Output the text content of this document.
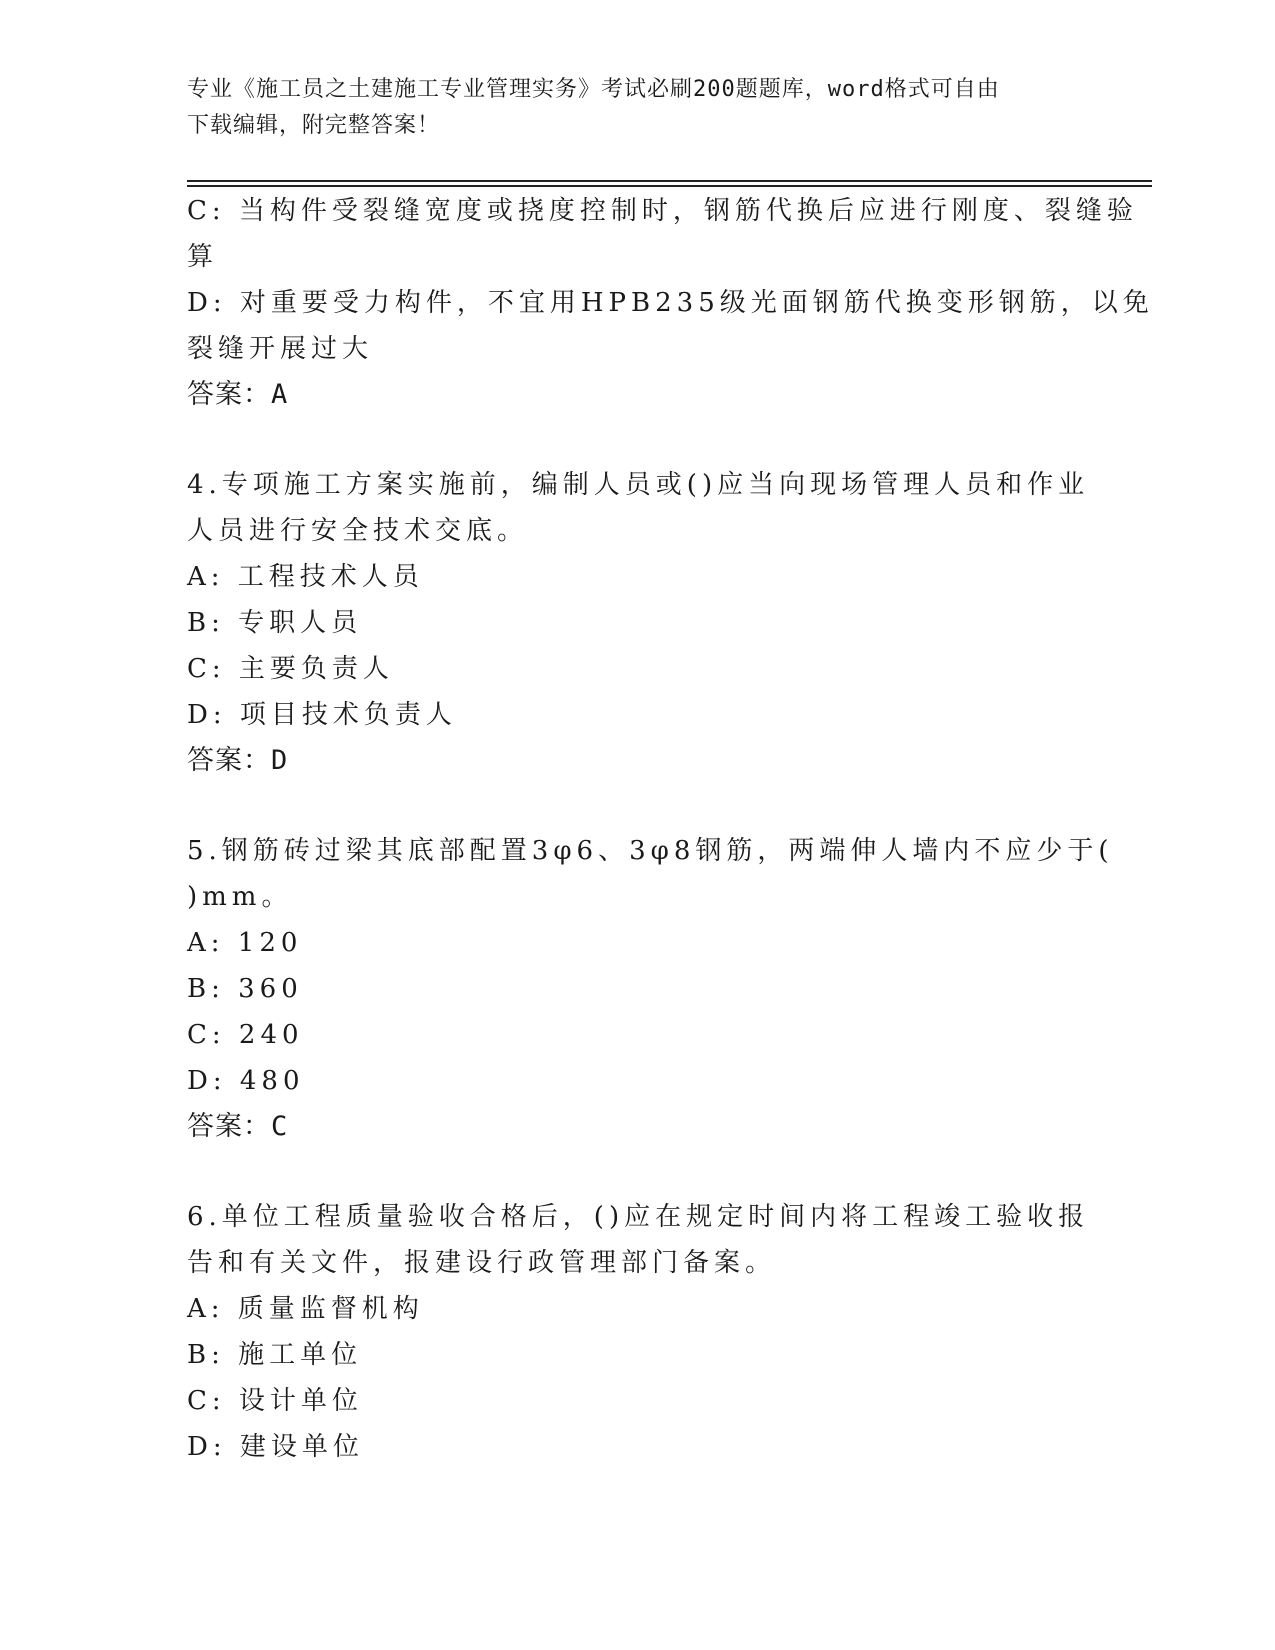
专业《施工员之土建施工专业管理实务》考试必刷200题题库，word格式可自由
下载编辑，附完整答案！
C: 当构件受裂缝宽度或挠度控制时，钢筋代换后应进行刚度、裂缝验
算
D: 对重要受力构件，不宜用HPB235级光面钢筋代换变形钢筋，以免
裂缝开展过大
答案：A
4.专项施工方案实施前，编制人员或()应当向现场管理人员和作业
人员进行安全技术交底。
A: 工程技术人员
B: 专职人员
C: 主要负责人
D: 项目技术负责人
答案：D
5.钢筋砖过梁其底部配置3φ6、3φ8钢筋，两端伸人墙内不应少于(
)mm。
A: 120
B: 360
C: 240
D: 480
答案：C
6.单位工程质量验收合格后，()应在规定时间内将工程竣工验收报
告和有关文件，报建设行政管理部门备案。
A: 质量监督机构
B: 施工单位
C: 设计单位
D: 建设单位
